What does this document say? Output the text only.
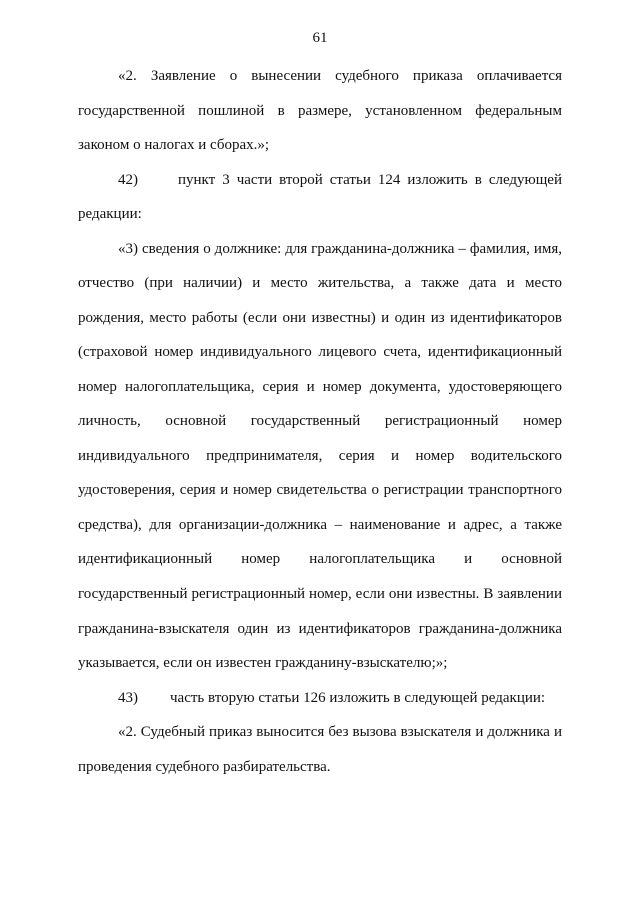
61
«2. Заявление о вынесении судебного приказа оплачивается
государственной пошлиной в размере, установленном федеральным
законом о налогах и сборах.»;
42)	пункт 3 части второй статьи 124 изложить в следующей
редакции:
«3) сведения о должнике: для гражданина-должника – фамилия, имя,
отчество (при наличии) и место жительства, а также дата и место
рождения, место работы (если они известны) и один из идентификаторов
(страховой номер индивидуального лицевого счета, идентификационный
номер налогоплательщика, серия и номер документа, удостоверяющего
личность, основной государственный регистрационный номер
индивидуального предпринимателя, серия и номер водительского
удостоверения, серия и номер свидетельства о регистрации транспортного
средства), для организации-должника – наименование и адрес, а также
идентификационный номер налогоплательщика и основной
государственный регистрационный номер, если они известны. В заявлении
гражданина-взыскателя один из идентификаторов гражданина-должника
указывается, если он известен гражданину-взыскателю;»;
43) часть вторую статьи 126 изложить в следующей редакции:
«2. Судебный приказ выносится без вызова взыскателя и должника и
проведения судебного разбирательства.
